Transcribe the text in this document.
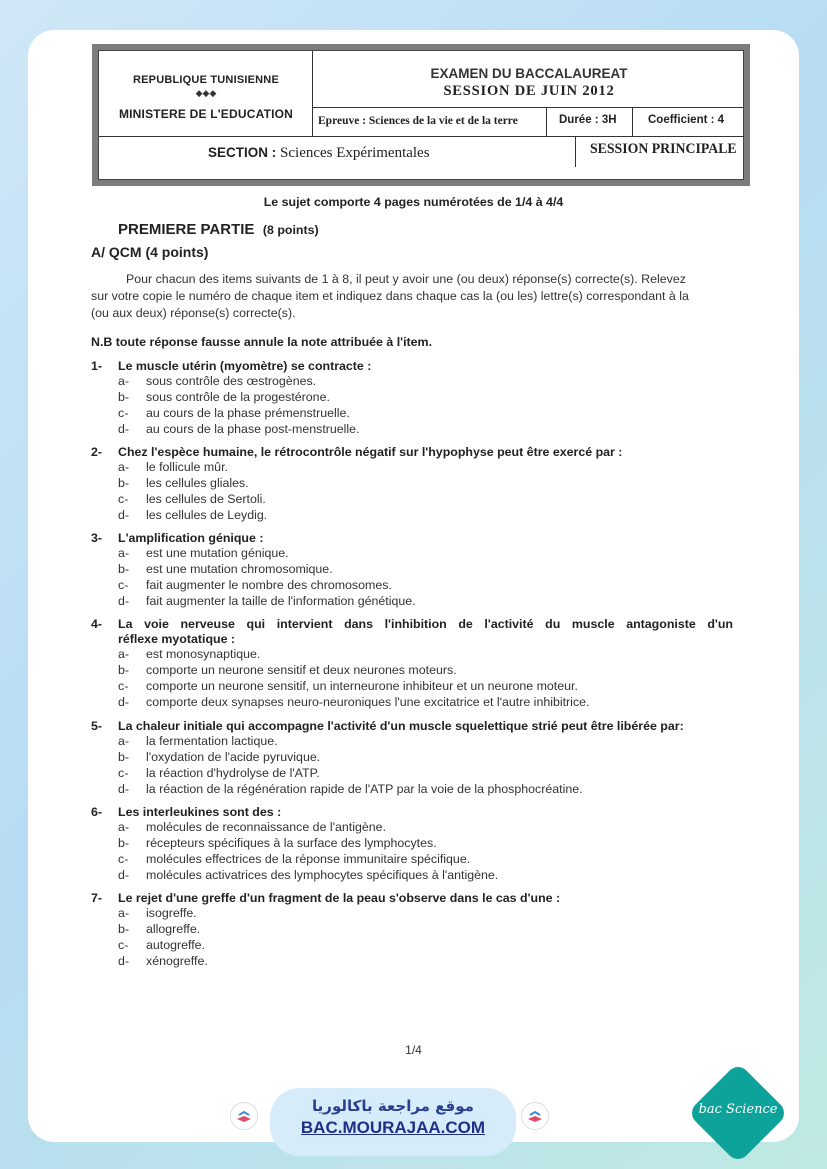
REPUBLIQUE TUNISIENNE
◆◆◆
MINISTERE DE L'EDUCATION
EXAMEN DU BACCALAUREAT
SESSION DE JUIN 2012
Epreuve : Sciences de la vie et de la terre	Durée : 3H	Coefficient : 4
SECTION : Sciences Expérimentales	SESSION PRINCIPALE
Le sujet comporte 4 pages numérotées de 1/4 à 4/4
PREMIERE PARTIE (8 points)
A/ QCM (4 points)
Pour chacun des items suivants de 1 à 8, il peut y avoir une (ou deux) réponse(s) correcte(s). Relevez
sur votre copie le numéro de chaque item et indiquez dans chaque cas la (ou les) lettre(s) correspondant à la
(ou aux deux) réponse(s) correcte(s).
N.B toute réponse fausse annule la note attribuée à l'item.
1- Le muscle utérin (myomètre) se contracte :
a- sous contrôle des œstrogènes.
b- sous contrôle de la progestérone.
c- au cours de la phase prémenstruelle.
d- au cours de la phase post-menstruelle.
2- Chez l'espèce humaine, le rétrocontrôle négatif sur l'hypophyse peut être exercé par :
a- le follicule mûr.
b- les cellules gliales.
c- les cellules de Sertoli.
d- les cellules de Leydig.
3- L'amplification génique :
a- est une mutation génique.
b- est une mutation chromosomique.
c- fait augmenter le nombre des chromosomes.
d- fait augmenter la taille de l'information génétique.
4- La voie nerveuse qui intervient dans l'inhibition de l'activité du muscle antagoniste d'un
réflexe myotatique :
a- est monosynaptique.
b- comporte un neurone sensitif et deux neurones moteurs.
c- comporte un neurone sensitif, un interneurone inhibiteur et un neurone moteur.
d- comporte deux synapses neuro-neuroniques l'une excitatrice et l'autre inhibitrice.
5- La chaleur initiale qui accompagne l'activité d'un muscle squelettique strié peut être libérée par:
a- la fermentation lactique.
b- l'oxydation de l'acide pyruvique.
c- la réaction d'hydrolyse de l'ATP.
d- la réaction de la régénération rapide de l'ATP par la voie de la phosphocréatine.
6- Les interleukines sont des :
a- molécules de reconnaissance de l'antigène.
b- récepteurs spécifiques à la surface des lymphocytes.
c- molécules effectrices de la réponse immunitaire spécifique.
d- molécules activatrices des lymphocytes spécifiques à l'antigène.
7- Le rejet d'une greffe d'un fragment de la peau s'observe dans le cas d'une :
a- isogreffe.
b- allogreffe.
c- autogreffe.
d- xénogreffe.
1/4
موقع مراجعة باكالوريا
BAC.MOURAJAA.COM
bac Science
